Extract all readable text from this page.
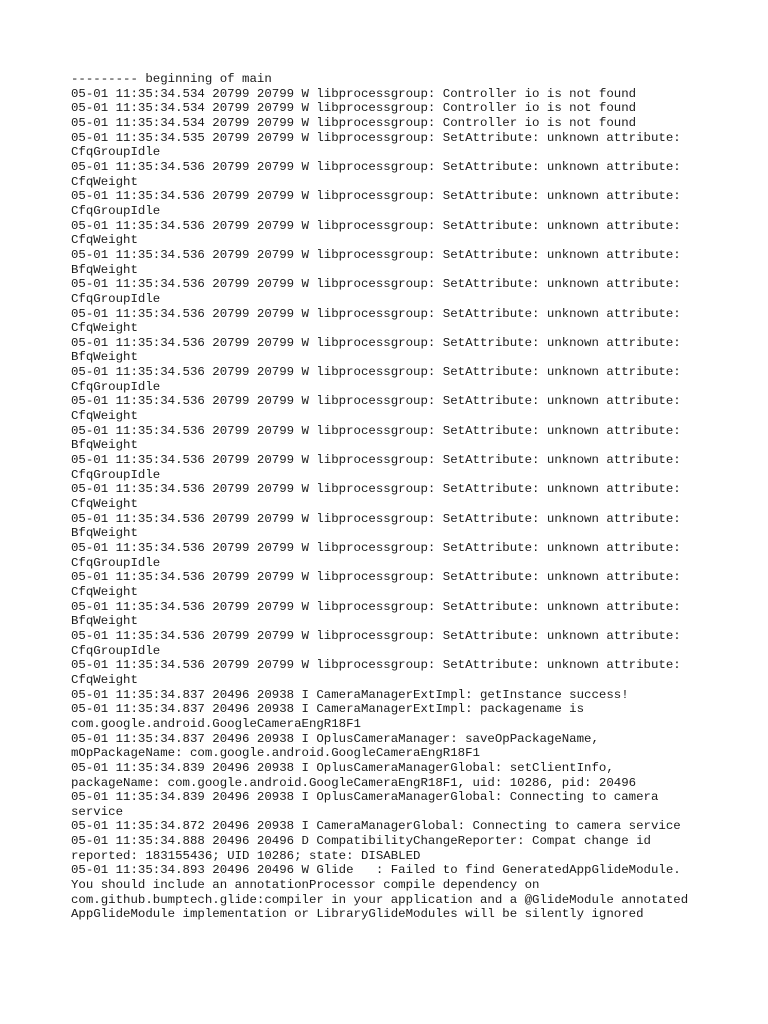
--------- beginning of main
05-01 11:35:34.534 20799 20799 W libprocessgroup: Controller io is not found
05-01 11:35:34.534 20799 20799 W libprocessgroup: Controller io is not found
05-01 11:35:34.534 20799 20799 W libprocessgroup: Controller io is not found
05-01 11:35:34.535 20799 20799 W libprocessgroup: SetAttribute: unknown attribute:
CfqGroupIdle
05-01 11:35:34.536 20799 20799 W libprocessgroup: SetAttribute: unknown attribute:
CfqWeight
05-01 11:35:34.536 20799 20799 W libprocessgroup: SetAttribute: unknown attribute:
CfqGroupIdle
05-01 11:35:34.536 20799 20799 W libprocessgroup: SetAttribute: unknown attribute:
CfqWeight
05-01 11:35:34.536 20799 20799 W libprocessgroup: SetAttribute: unknown attribute:
BfqWeight
05-01 11:35:34.536 20799 20799 W libprocessgroup: SetAttribute: unknown attribute:
CfqGroupIdle
05-01 11:35:34.536 20799 20799 W libprocessgroup: SetAttribute: unknown attribute:
CfqWeight
05-01 11:35:34.536 20799 20799 W libprocessgroup: SetAttribute: unknown attribute:
BfqWeight
05-01 11:35:34.536 20799 20799 W libprocessgroup: SetAttribute: unknown attribute:
CfqGroupIdle
05-01 11:35:34.536 20799 20799 W libprocessgroup: SetAttribute: unknown attribute:
CfqWeight
05-01 11:35:34.536 20799 20799 W libprocessgroup: SetAttribute: unknown attribute:
BfqWeight
05-01 11:35:34.536 20799 20799 W libprocessgroup: SetAttribute: unknown attribute:
CfqGroupIdle
05-01 11:35:34.536 20799 20799 W libprocessgroup: SetAttribute: unknown attribute:
CfqWeight
05-01 11:35:34.536 20799 20799 W libprocessgroup: SetAttribute: unknown attribute:
BfqWeight
05-01 11:35:34.536 20799 20799 W libprocessgroup: SetAttribute: unknown attribute:
CfqGroupIdle
05-01 11:35:34.536 20799 20799 W libprocessgroup: SetAttribute: unknown attribute:
CfqWeight
05-01 11:35:34.536 20799 20799 W libprocessgroup: SetAttribute: unknown attribute:
BfqWeight
05-01 11:35:34.536 20799 20799 W libprocessgroup: SetAttribute: unknown attribute:
CfqGroupIdle
05-01 11:35:34.536 20799 20799 W libprocessgroup: SetAttribute: unknown attribute:
CfqWeight
05-01 11:35:34.837 20496 20938 I CameraManagerExtImpl: getInstance success!
05-01 11:35:34.837 20496 20938 I CameraManagerExtImpl: packagename is
com.google.android.GoogleCameraEngR18F1
05-01 11:35:34.837 20496 20938 I OplusCameraManager: saveOpPackageName,
mOpPackageName: com.google.android.GoogleCameraEngR18F1
05-01 11:35:34.839 20496 20938 I OplusCameraManagerGlobal: setClientInfo,
packageName: com.google.android.GoogleCameraEngR18F1, uid: 10286, pid: 20496
05-01 11:35:34.839 20496 20938 I OplusCameraManagerGlobal: Connecting to camera
service
05-01 11:35:34.872 20496 20938 I CameraManagerGlobal: Connecting to camera service
05-01 11:35:34.888 20496 20496 D CompatibilityChangeReporter: Compat change id
reported: 183155436; UID 10286; state: DISABLED
05-01 11:35:34.893 20496 20496 W Glide   : Failed to find GeneratedAppGlideModule.
You should include an annotationProcessor compile dependency on
com.github.bumptech.glide:compiler in your application and a @GlideModule annotated
AppGlideModule implementation or LibraryGlideModules will be silently ignored
